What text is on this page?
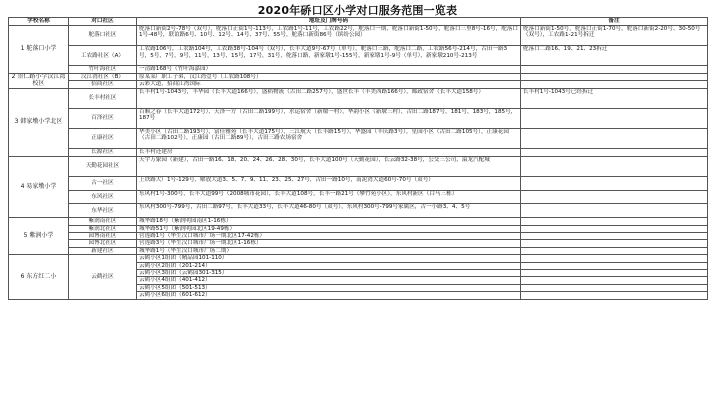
2020年硚口区小学对口服务范围一览表
学校名称	对口社区	地址及门牌号码	备注
1 舵落口小学	舵落口社区	舵落口新街2号-78号（双号），舵落口正街1号-113号，工农路1号-11号，工农路22号，舵落口一期，舵落口新街1-50号，舵落口三里8号-16号，舵落口1号-48号，联谊路6号、10号、12号、14号、37号、55号，舵落口新街86号（缤纷公园）	舵落口新街1-50号，舵落口正街1-70号，舵落口新街2-20号、30-50号（双号），工农路1-21号拆迁
	工农路社区（A）	工农路106号，工农路104号，工农路38号-104号（双号），长丰大道9号-67号（单号），舵落口三路，舵落口二路，工农路56号-214号，古田一路3号，5号，7号，9号，11号，13号，15号，17号，31号，舵落口路，新家墩1号-155号，新家墩1号-9号（单号），新家墩210号-213号	舵落口二路16、19、21、23拆迁
	竹叶海社区	一清路168号（竹叶海嘉园）	
2 崇仁路小学汉江湾校区	汉江湾社区（B）	原某某厂职工子弟，汉江湾壹号（工农路108号）	
	招商社区	云彩大道，招商江湾国际	
3 韩家墩小学北区	长丰村社区	长丰村1号-1043号，丰华园（长丰大道166号），盛稻物流（古田二路257号），盛世长丰（丰美西路166号），邮政宿舍（长丰大道158号）	长丰村1号-1043号已经拆迁
	百泽社区	百顺之春（长丰大道172号），天泽一方（古田二路199号），水运宿舍（新墩一村），华韵小区（新墩三村），古田二路187号，181号，183号，185号，187号	
	正康社区	华美小区（古田二路193号），富佳雅苑（长丰大道175号），三江航天（长丰路15号），华盛园（丰庆路3号），星园小区（古田二路105号），正康花园（古田二路102号），正康园（古田二路89号），古田三路农场宿舍	
	长源社区	长丰村还建房	
4 易家墩小学	天勤花园社区	天宇万象园（新建），古田一路16、18、20、24、26、28、30号，长丰大道100号（天勤花园），长云路32-38号，公交三公司，溢龙汽配城	
	古一社区	上铁路大厂1号-129号，解放大道3、5、7、9、11、23、25、27号，古田一路10号，南泥湾大道60号-70号（双号）	
	东风社区	东风村1号-300号，长丰大道99号（2008城市花园），长丰大道108号，长丰一路21号（攀竹苑小区），东风村新区（白马三栋）	
	东华社区	东风村300号-799号，古田二路97号，长丰大道33号，长丰大道46-80号（双号），东风村300号-799号家属区，古一小路3、4、5号	
5 紫润小学	紫润南社区	城华路18号（紫润明园南区1-16栋）	
	紫润北社区	城华路51号（紫润明园北区19-49栋）	
	园博南社区	营莲路1号（华生汉口城市广场一期北区17-42栋）	
	园博北社区	营莲路3号（华生汉口城市广场一期北区1-16栋）	
	新建社区	城华路1号（华生汉口城市广场二期）	
6 东方红二小	云鹤社区	云鹤小区1组团（精品园101-110）	
		云鹤小区2组团（201-214）	
		云鹤小区3组团（云鹤园301-315）	
		云鹤小区4组团（401-412）	
		云鹤小区5组团（501-513）	
		云鹤小区6组团（601-612）	
